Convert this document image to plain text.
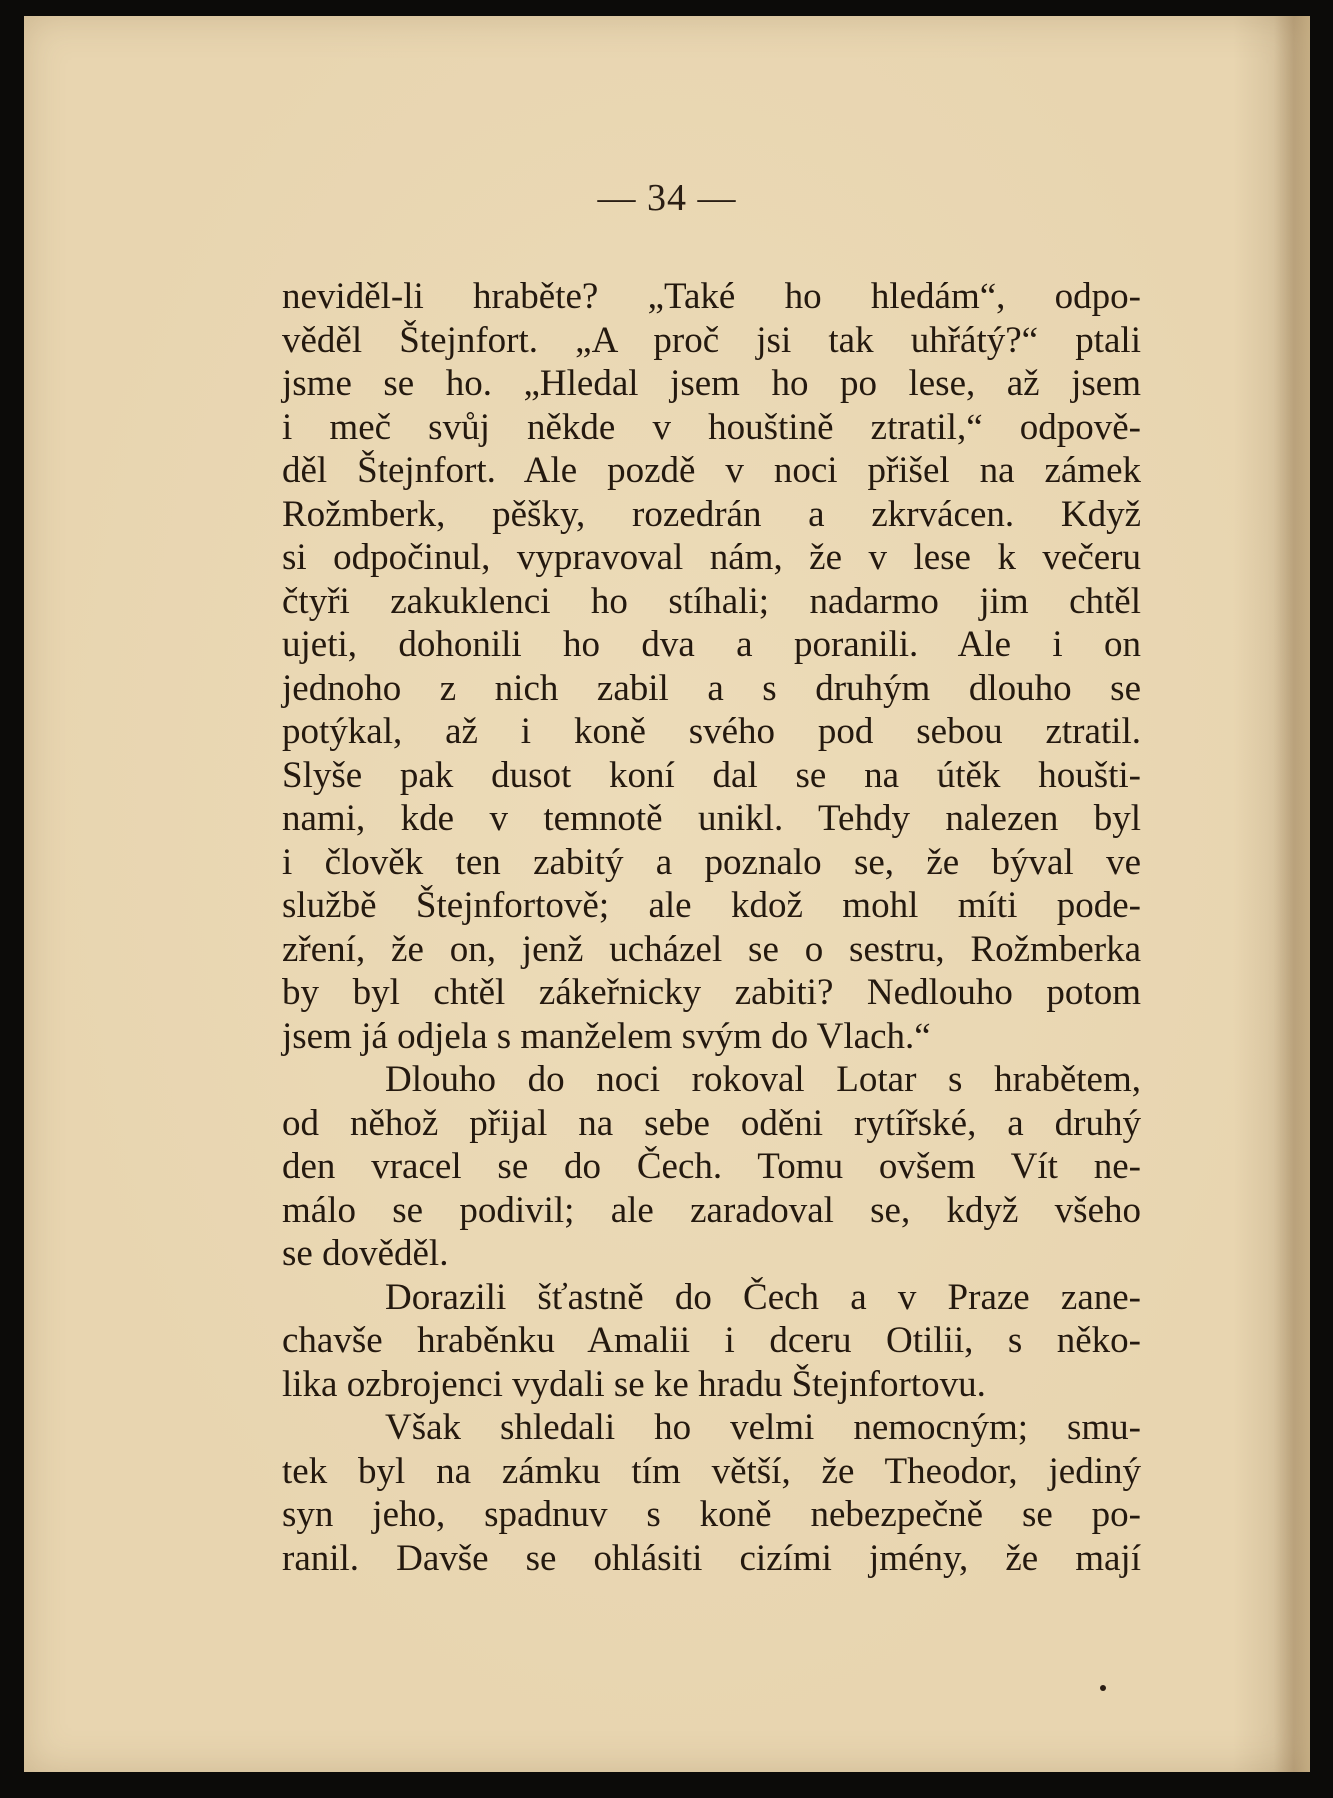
— 34 —
neviděl-li hraběte? „Také ho hledám“, odpo-
věděl Štejnfort. „A proč jsi tak uhřátý?“ ptali
jsme se ho. „Hledal jsem ho po lese, až jsem
i meč svůj někde v houštině ztratil,“ odpově-
děl Štejnfort. Ale pozdě v noci přišel na zámek
Rožmberk, pěšky, rozedrán a zkrvácen. Když
si odpočinul, vypravoval nám, že v lese k večeru
čtyři zakuklenci ho stíhali; nadarmo jim chtěl
ujeti, dohonili ho dva a poranili. Ale i on
jednoho z nich zabil a s druhým dlouho se
potýkal, až i koně svého pod sebou ztratil.
Slyše pak dusot koní dal se na útěk houšti-
nami, kde v temnotě unikl. Tehdy nalezen byl
i člověk ten zabitý a poznalo se, že býval ve
službě Štejnfortově; ale kdož mohl míti pode-
zření, že on, jenž ucházel se o sestru, Rožmberka
by byl chtěl zákeřnicky zabiti? Nedlouho potom
jsem já odjela s manželem svým do Vlach.“
Dlouho do noci rokoval Lotar s hrabětem,
od něhož přijal na sebe oděni rytířské, a druhý
den vracel se do Čech. Tomu ovšem Vít ne-
málo se podivil; ale zaradoval se, když všeho
se dověděl.
Dorazili šťastně do Čech a v Praze zane-
chavše hraběnku Amalii i dceru Otilii, s něko-
lika ozbrojenci vydali se ke hradu Štejnfortovu.
Však shledali ho velmi nemocným; smu-
tek byl na zámku tím větší, že Theodor, jediný
syn jeho, spadnuv s koně nebezpečně se po-
ranil. Davše se ohlásiti cizími jmény, že mají
